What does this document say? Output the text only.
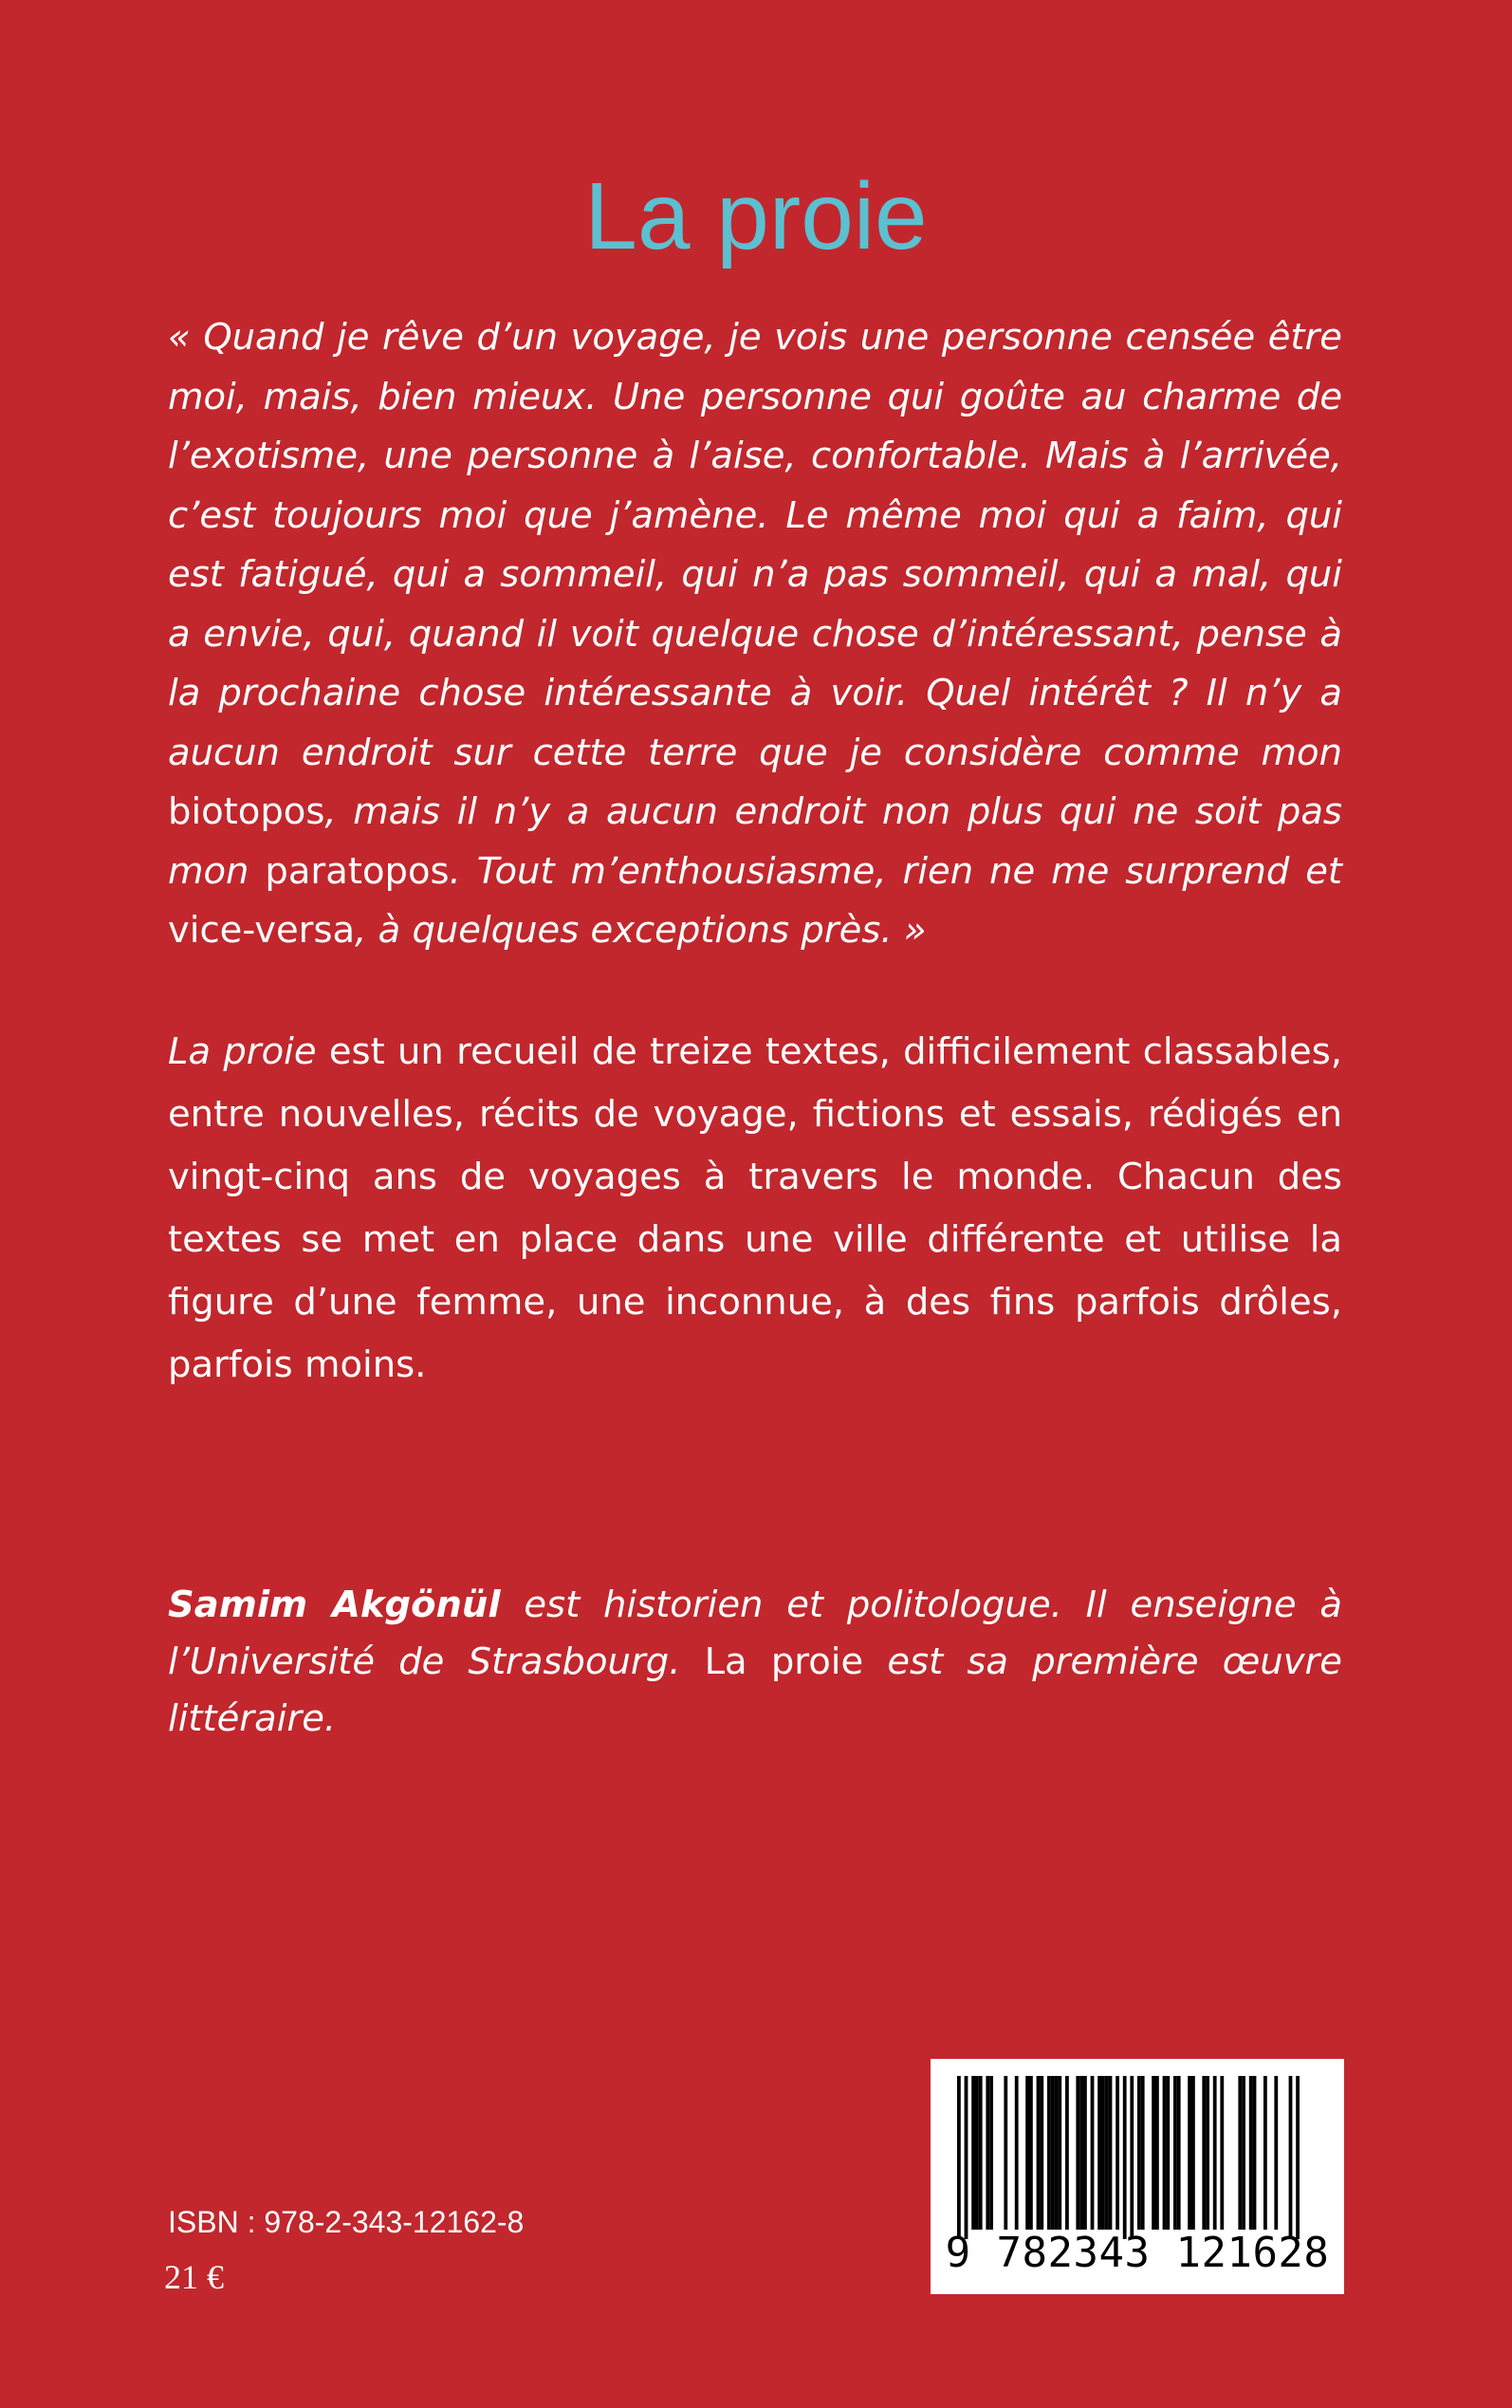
La proie
« Quand je rêve d’un voyage, je vois une personne censée être moi, mais, bien mieux. Une personne qui goûte au charme de l’exotisme, une personne à l’aise, confortable. Mais à l’arrivée, c’est toujours moi que j’amène. Le même moi qui a faim, qui est fatigué, qui a sommeil, qui n’a pas sommeil, qui a mal, qui a envie, qui, quand il voit quelque chose d’intéressant, pense à la prochaine chose intéressante à voir. Quel intérêt ? Il n’y a aucun endroit sur cette terre que je considère comme mon biotopos, mais il n’y a aucun endroit non plus qui ne soit pas mon paratopos. Tout m’enthousiasme, rien ne me surprend et vice-versa, à quelques exceptions près. »
La proie est un recueil de treize textes, difficilement classables, entre nouvelles, récits de voyage, fictions et essais, rédigés en vingt-cinq ans de voyages à travers le monde. Chacun des textes se met en place dans une ville différente et utilise la figure d’une femme, une inconnue, à des fins parfois drôles, parfois moins.
Samim Akgönül est historien et politologue. Il enseigne à l’Université de Strasbourg. La proie est sa première œuvre littéraire.
ISBN : 978-2-343-12162-8
21 €	9 782343 121628
